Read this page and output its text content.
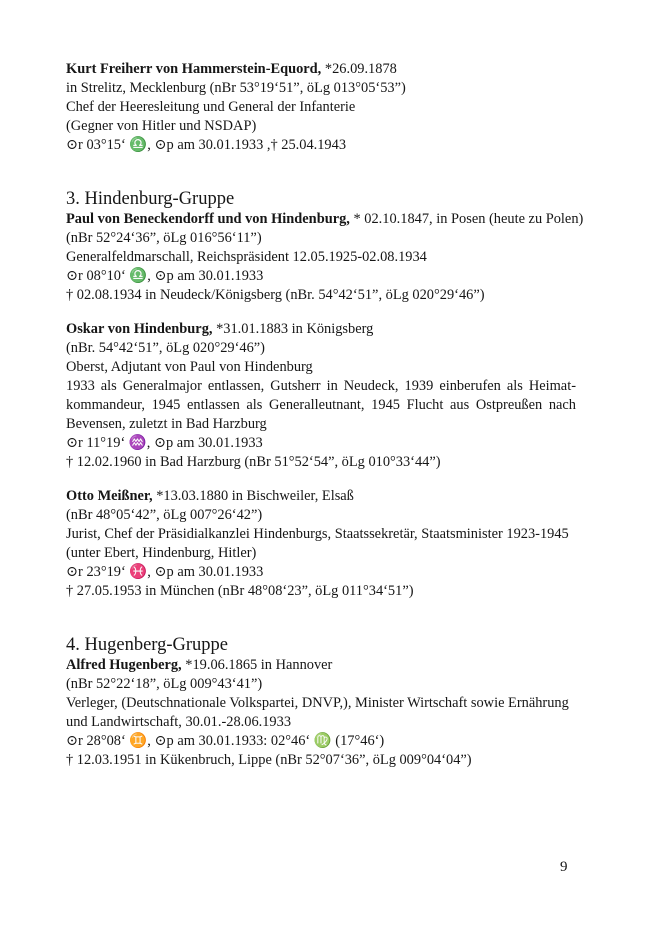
Kurt Freiherr von Hammerstein-Equord, *26.09.1878
in Strelitz, Mecklenburg (nBr 53°19‘51”, öLg 013°05‘53”)
Chef der Heeresleitung und General der Infanterie
(Gegner von Hitler und NSDAP)
⊙r 03°15‘ ♎, ⊙p am 30.01.1933 ,† 25.04.1943
3. Hindenburg-Gruppe
Paul von Beneckendorff und von Hindenburg, * 02.10.1847, in Posen (heute zu Polen)
(nBr 52°24‘36”, öLg 016°56‘11”)
Generalfeldmarschall, Reichspräsident 12.05.1925-02.08.1934
⊙r 08°10‘ ♎, ⊙p am 30.01.1933
† 02.08.1934 in Neudeck/Königsberg (nBr. 54°42‘51”, öLg 020°29‘46”)
Oskar von Hindenburg, *31.01.1883 in Königsberg
(nBr. 54°42‘51”, öLg 020°29‘46”)
Oberst, Adjutant von Paul von Hindenburg
1933 als Generalmajor entlassen, Gutsherr in Neudeck, 1939 einberufen als Heimat-
kommandeur, 1945 entlassen als Generalleutnant, 1945 Flucht aus Ostpreußen nach
Bevensen, zuletzt in Bad Harzburg
⊙r 11°19‘ ♒, ⊙p am 30.01.1933
† 12.02.1960 in Bad Harzburg (nBr 51°52‘54”, öLg 010°33‘44”)
Otto Meißner, *13.03.1880 in Bischweiler, Elsaß
(nBr 48°05‘42”, öLg 007°26‘42”)
Jurist, Chef der Präsidialkanzlei Hindenburgs, Staatssekretär, Staatsminister 1923-1945
(unter Ebert, Hindenburg, Hitler)
⊙r 23°19‘ ♓, ⊙p am 30.01.1933
† 27.05.1953 in München (nBr 48°08‘23”, öLg 011°34‘51”)
4. Hugenberg-Gruppe
Alfred Hugenberg, *19.06.1865 in Hannover
(nBr 52°22‘18”, öLg 009°43‘41”)
Verleger, (Deutschnationale Volkspartei, DNVP,), Minister Wirtschaft sowie Ernährung
und Landwirtschaft, 30.01.-28.06.1933
⊙r 28°08‘ ♊, ⊙p am 30.01.1933: 02°46‘ ♍ (17°46‘)
† 12.03.1951 in Kükenbruch, Lippe (nBr 52°07‘36”, öLg 009°04‘04”)
9
